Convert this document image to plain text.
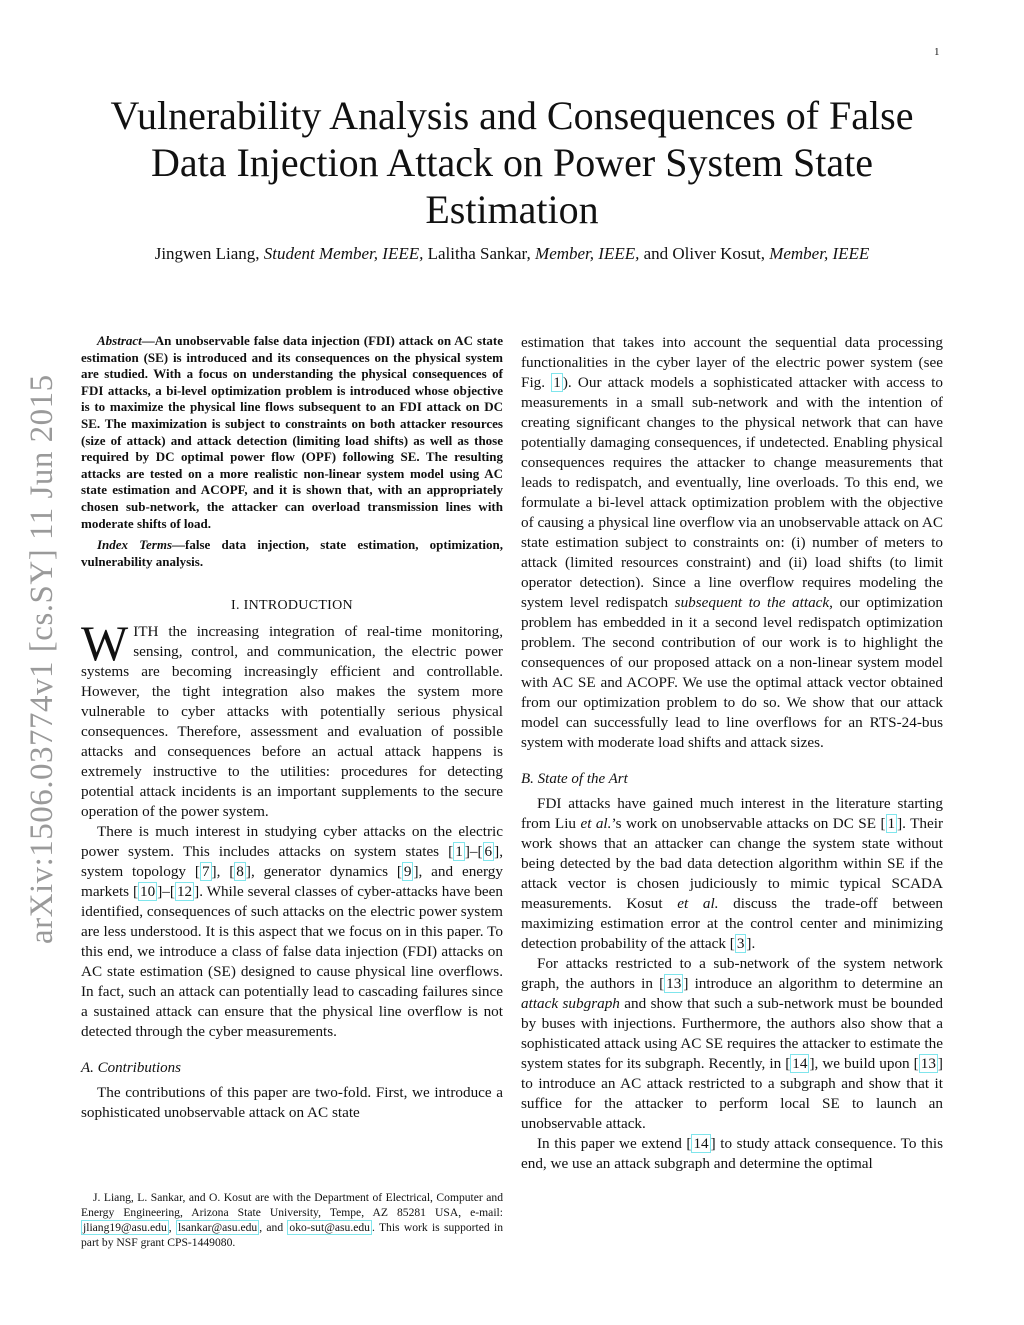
1
arXiv:1506.03774v1 [cs.SY] 11 Jun 2015
Vulnerability Analysis and Consequences of False Data Injection Attack on Power System State Estimation
Jingwen Liang, Student Member, IEEE, Lalitha Sankar, Member, IEEE, and Oliver Kosut, Member, IEEE

Abstract—An unobservable false data injection (FDI) attack on AC state estimation (SE) is introduced and its consequences on the physical system are studied. With a focus on understanding the physical consequences of FDI attacks, a bi-level optimization problem is introduced whose objective is to maximize the physical line flows subsequent to an FDI attack on DC SE. The maximization is subject to constraints on both attacker resources (size of attack) and attack detection (limiting load shifts) as well as those required by DC optimal power flow (OPF) following SE. The resulting attacks are tested on a more realistic non-linear system model using AC state estimation and ACOPF, and it is shown that, with an appropriately chosen sub-network, the attacker can overload transmission lines with moderate shifts of load.

Index Terms—false data injection, state estimation, optimization, vulnerability analysis.

I. INTRODUCTION

WITH the increasing integration of real-time monitoring, sensing, control, and communication, the electric power systems are becoming increasingly efficient and controllable. However, the tight integration also makes the system more vulnerable to cyber attacks with potentially serious physical consequences. Therefore, assessment and evaluation of possible attacks and consequences before an actual attack happens is extremely instructive to the utilities: procedures for detecting potential attack incidents is an important supplements to the secure operation of the power system.

There is much interest in studying cyber attacks on the electric power system. This includes attacks on system states [ 1 ]–[ 6 ], system topology [ 7 ], [ 8 ], generator dynamics [ 9 ], and energy markets [ 10 ]–[ 12 ]. While several classes of cyber-attacks have been identified, consequences of such attacks on the electric power system are less understood. It is this aspect that we focus on in this paper. To this end, we introduce a class of false data injection (FDI) attacks on AC state estimation (SE) designed to cause physical line overflows. In fact, such an attack can potentially lead to cascading failures since a sustained attack can ensure that the physical line overflow is not detected through the cyber measurements.

A. Contributions

The contributions of this paper are two-fold. First, we introduce a sophisticated unobservable attack on AC state

estimation that takes into account the sequential data processing functionalities in the cyber layer of the electric power system (see Fig. 1 ). Our attack models a sophisticated attacker with access to measurements in a small sub-network and with the intention of creating significant changes to the physical network that can have potentially damaging consequences, if undetected. Enabling physical consequences requires the attacker to change measurements that leads to redispatch, and eventually, line overloads. To this end, we formulate a bi-level attack optimization problem with the objective of causing a physical line overflow via an unobservable attack on AC state estimation subject to constraints on: (i) number of meters to attack (limited resources constraint) and (ii) load shifts (to limit operator detection). Since a line overflow requires modeling the system level redispatch subsequent to the attack, our optimization problem has embedded in it a second level redispatch optimization problem. The second contribution of our work is to highlight the consequences of our proposed attack on a non-linear system model with AC SE and ACOPF. We use the optimal attack vector obtained from our optimization problem to do so. We show that our attack model can successfully lead to line overflows for an RTS-24-bus system with moderate load shifts and attack sizes.

B. State of the Art

FDI attacks have gained much interest in the literature starting from Liu et al.’s work on unobservable attacks on DC SE [ 1 ]. Their work shows that an attacker can change the system state without being detected by the bad data detection algorithm within SE if the attack vector is chosen judiciously to mimic typical SCADA measurements. Kosut et al. discuss the trade-off between maximizing estimation error at the control center and minimizing detection probability of the attack [ 3 ].

For attacks restricted to a sub-network of the system network graph, the authors in [ 13 ] introduce an algorithm to determine an attack subgraph and show that such a sub-network must be bounded by buses with injections. Furthermore, the authors also show that a sophisticated attack using AC SE requires the attacker to estimate the system states for its subgraph. Recently, in [ 14 ], we build upon [ 13 ] to introduce an AC attack restricted to a subgraph and show that it suffice for the attacker to perform local SE to launch an unobservable attack.

In this paper we extend [ 14 ] to study attack consequence. To this end, we use an attack subgraph and determine the optimal

J. Liang, L. Sankar, and O. Kosut are with the Department of Electrical, Computer and Energy Engineering, Arizona State University, Tempe, AZ 85281 USA, e-mail: jliang19@asu.edu , lsankar@asu.edu , and oko-sut@asu.edu . This work is supported in part by NSF grant CPS-1449080.
